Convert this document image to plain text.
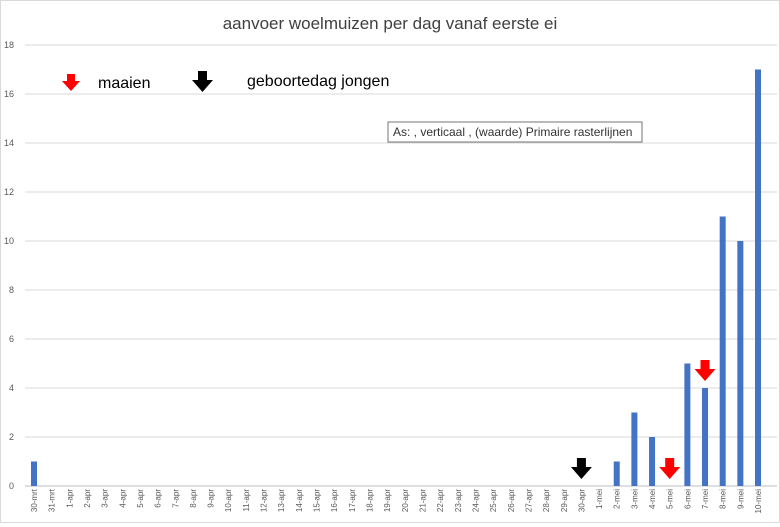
aanvoer woelmuizen per dag vanaf eerste ei
0
2
4
6
8
10
12
14
16
18
30-mrt 31-mrt 1-apr 2-apr 3-apr 4-apr 5-apr 6-apr 7-apr 8-apr 9-apr 10-apr 11-apr 12-apr 13-apr 14-apr 15-apr 16-apr 17-apr 18-apr 19-apr 20-apr 21-apr 22-apr 23-apr 24-apr 25-apr 26-apr 27-apr 28-apr 29-apr 30-apr 1-mei 2-mei 3-mei 4-mei 5-mei 6-mei 7-mei 8-mei 9-mei 10-mei
maaien	geboortedag jongen
As: , verticaal , (waarde) Primaire rasterlijnen
